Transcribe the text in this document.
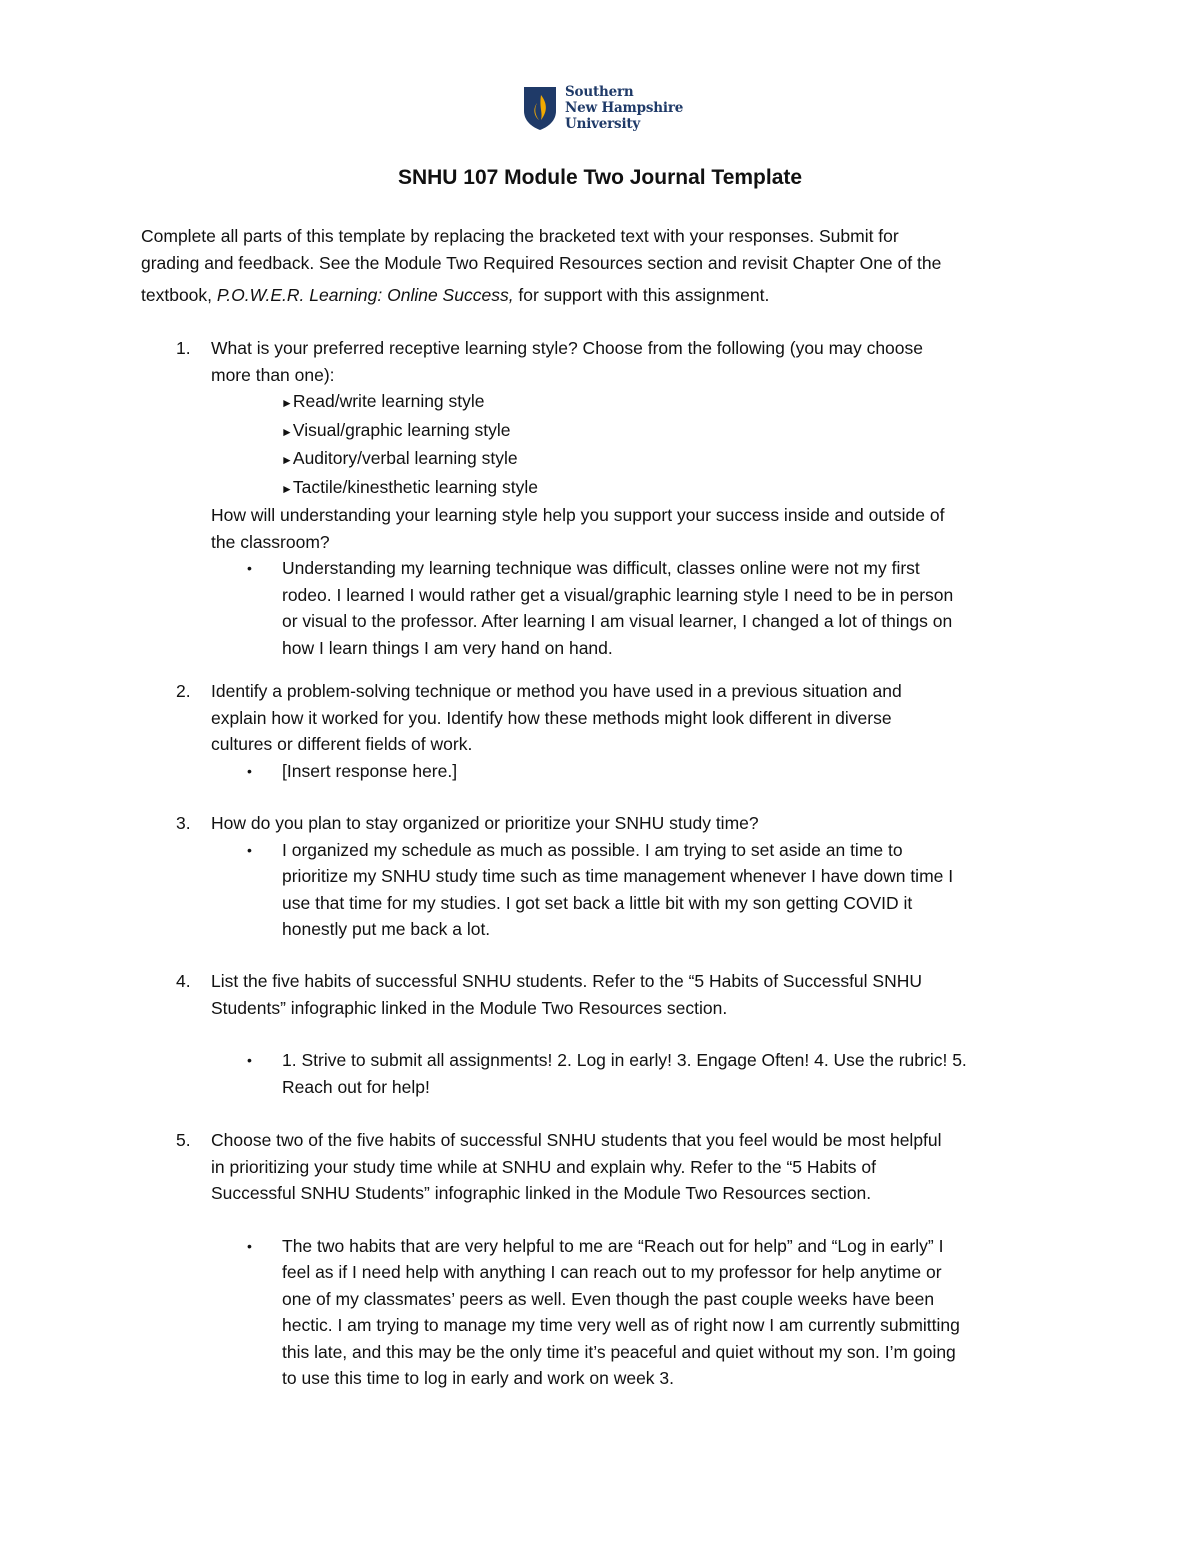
Southern
New Hampshire
University
SNHU 107 Module Two Journal Template
Complete all parts of this template by replacing the bracketed text with your responses. Submit for
grading and feedback. See the Module Two Required Resources section and revisit Chapter One of the
textbook, P.O.W.E.R. Learning: Online Success, for support with this assignment.
1. What is your preferred receptive learning style? Choose from the following (you may choose
more than one):
►Read/write learning style
►Visual/graphic learning style
►Auditory/verbal learning style
►Tactile/kinesthetic learning style
How will understanding your learning style help you support your success inside and outside of
the classroom?
• Understanding my learning technique was difficult, classes online were not my first
rodeo. I learned I would rather get a visual/graphic learning style I need to be in person
or visual to the professor. After learning I am visual learner, I changed a lot of things on
how I learn things I am very hand on hand.
2. Identify a problem-solving technique or method you have used in a previous situation and
explain how it worked for you. Identify how these methods might look different in diverse
cultures or different fields of work.
• [Insert response here.]
3. How do you plan to stay organized or prioritize your SNHU study time?
• I organized my schedule as much as possible. I am trying to set aside an time to
prioritize my SNHU study time such as time management whenever I have down time I
use that time for my studies. I got set back a little bit with my son getting COVID it
honestly put me back a lot.
4. List the five habits of successful SNHU students. Refer to the “5 Habits of Successful SNHU
Students” infographic linked in the Module Two Resources section.
• 1. Strive to submit all assignments! 2. Log in early! 3. Engage Often! 4. Use the rubric! 5.
Reach out for help!
5. Choose two of the five habits of successful SNHU students that you feel would be most helpful
in prioritizing your study time while at SNHU and explain why. Refer to the “5 Habits of
Successful SNHU Students” infographic linked in the Module Two Resources section.
• The two habits that are very helpful to me are “Reach out for help” and “Log in early” I
feel as if I need help with anything I can reach out to my professor for help anytime or
one of my classmates’ peers as well. Even though the past couple weeks have been
hectic. I am trying to manage my time very well as of right now I am currently submitting
this late, and this may be the only time it’s peaceful and quiet without my son. I’m going
to use this time to log in early and work on week 3.
